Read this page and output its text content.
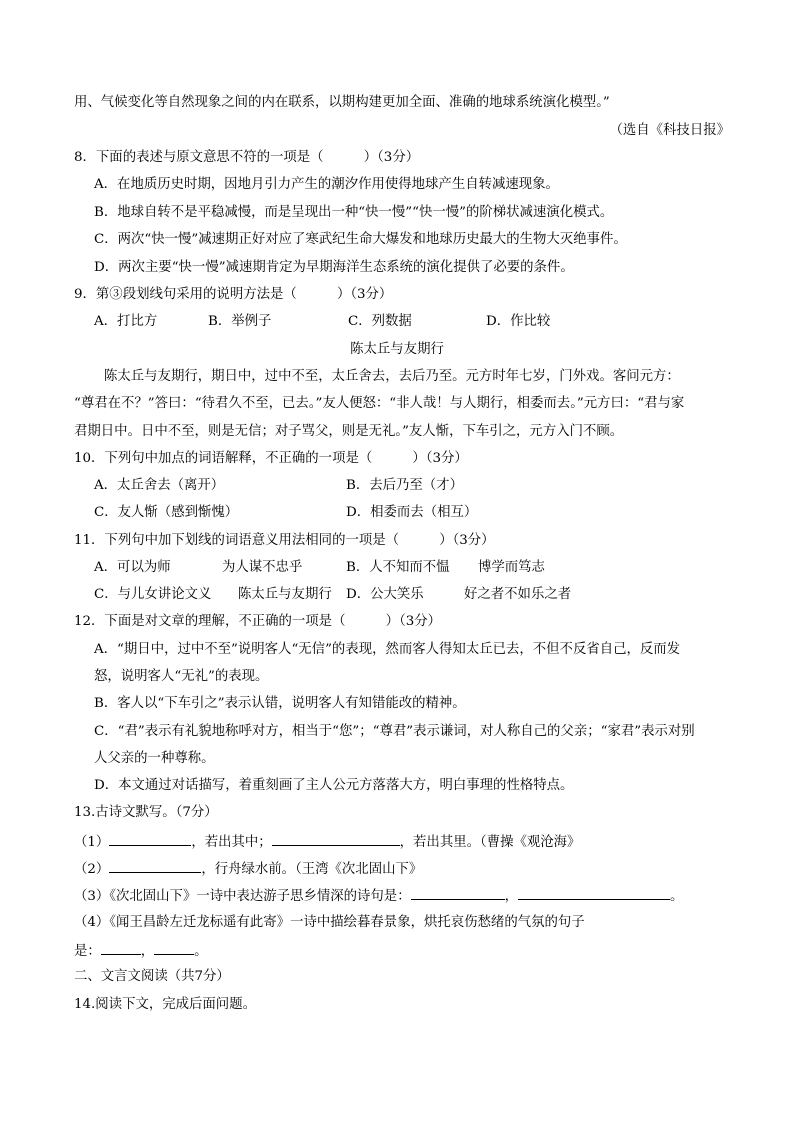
用、气候变化等自然现象之间的内在联系，以期构建更加全面、准确的地球系统演化模型。”
（选自《科技日报》
8．下面的表述与原文意思不符的一项是（　　　）（3分）
A．在地质历史时期，因地月引力产生的潮汐作用使得地球产生自转减速现象。
B．地球自转不是平稳减慢，而是呈现出一种“快一慢”“快一慢”的阶梯状减速演化模式。
C．两次“快一慢”减速期正好对应了寒武纪生命大爆发和地球历史最大的生物大灭绝事件。
D．两次主要“快一慢”减速期肯定为早期海洋生态系统的演化提供了必要的条件。
9．第③段划线句采用的说明方法是（　　　）（3分）
A．打比方	B．举例子	C．列数据	D．作比较
陈太丘与友期行
陈太丘与友期行，期日中，过中不至，太丘舍去，去后乃至。元方时年七岁，门外戏。客问元方：
“尊君在不？”答曰：“待君久不至，已去。”友人便怒：“非人哉！与人期行，相委而去。”元方曰：“君与家
君期日中。日中不至，则是无信；对子骂父，则是无礼。”友人惭，下车引之，元方入门不顾。
10．下列句中加点的词语解释，不正确的一项是（　　　）（3分）
A．太丘舍去（离开）	B．去后乃至（才）
C．友人惭（感到惭愧）	D．相委而去（相互）
11．下列句中加下划线的词语意义用法相同的一项是（　　　）（3分）
A．可以为师	为人谋不忠乎	B．人不知而不愠 博学而笃志
C．与儿女讲论文义 陈太丘与友期行 D．公大笑乐	好之者不如乐之者
12．下面是对文章的理解，不正确的一项是（　　　）（3分）
A．“期日中，过中不至”说明客人“无信”的表现，然而客人得知太丘已去，不但不反省自己，反而发
怒，说明客人“无礼”的表现。
B．客人以“下车引之”表示认错，说明客人有知错能改的精神。
C．“君”表示有礼貌地称呼对方，相当于“您”；“尊君”表示谦词，对人称自己的父亲；“家君”表示对别
人父亲的一种尊称。
D．本文通过对话描写，着重刻画了主人公元方落落大方，明白事理的性格特点。
13.古诗文默写。（7分）
（1）	，若出其中；	，若出其里。（曹操《观沧海》
（2）	，行舟绿水前。（王湾《次北固山下》
（3）《次北固山下》一诗中表达游子思乡情深的诗句是：	，	。
（4）《闻王昌龄左迁龙标遥有此寄》一诗中描绘暮春景象，烘托哀伤愁绪的气氛的句子
是：	，	。
二、文言文阅读（共7分）
14.阅读下文，完成后面问题。
